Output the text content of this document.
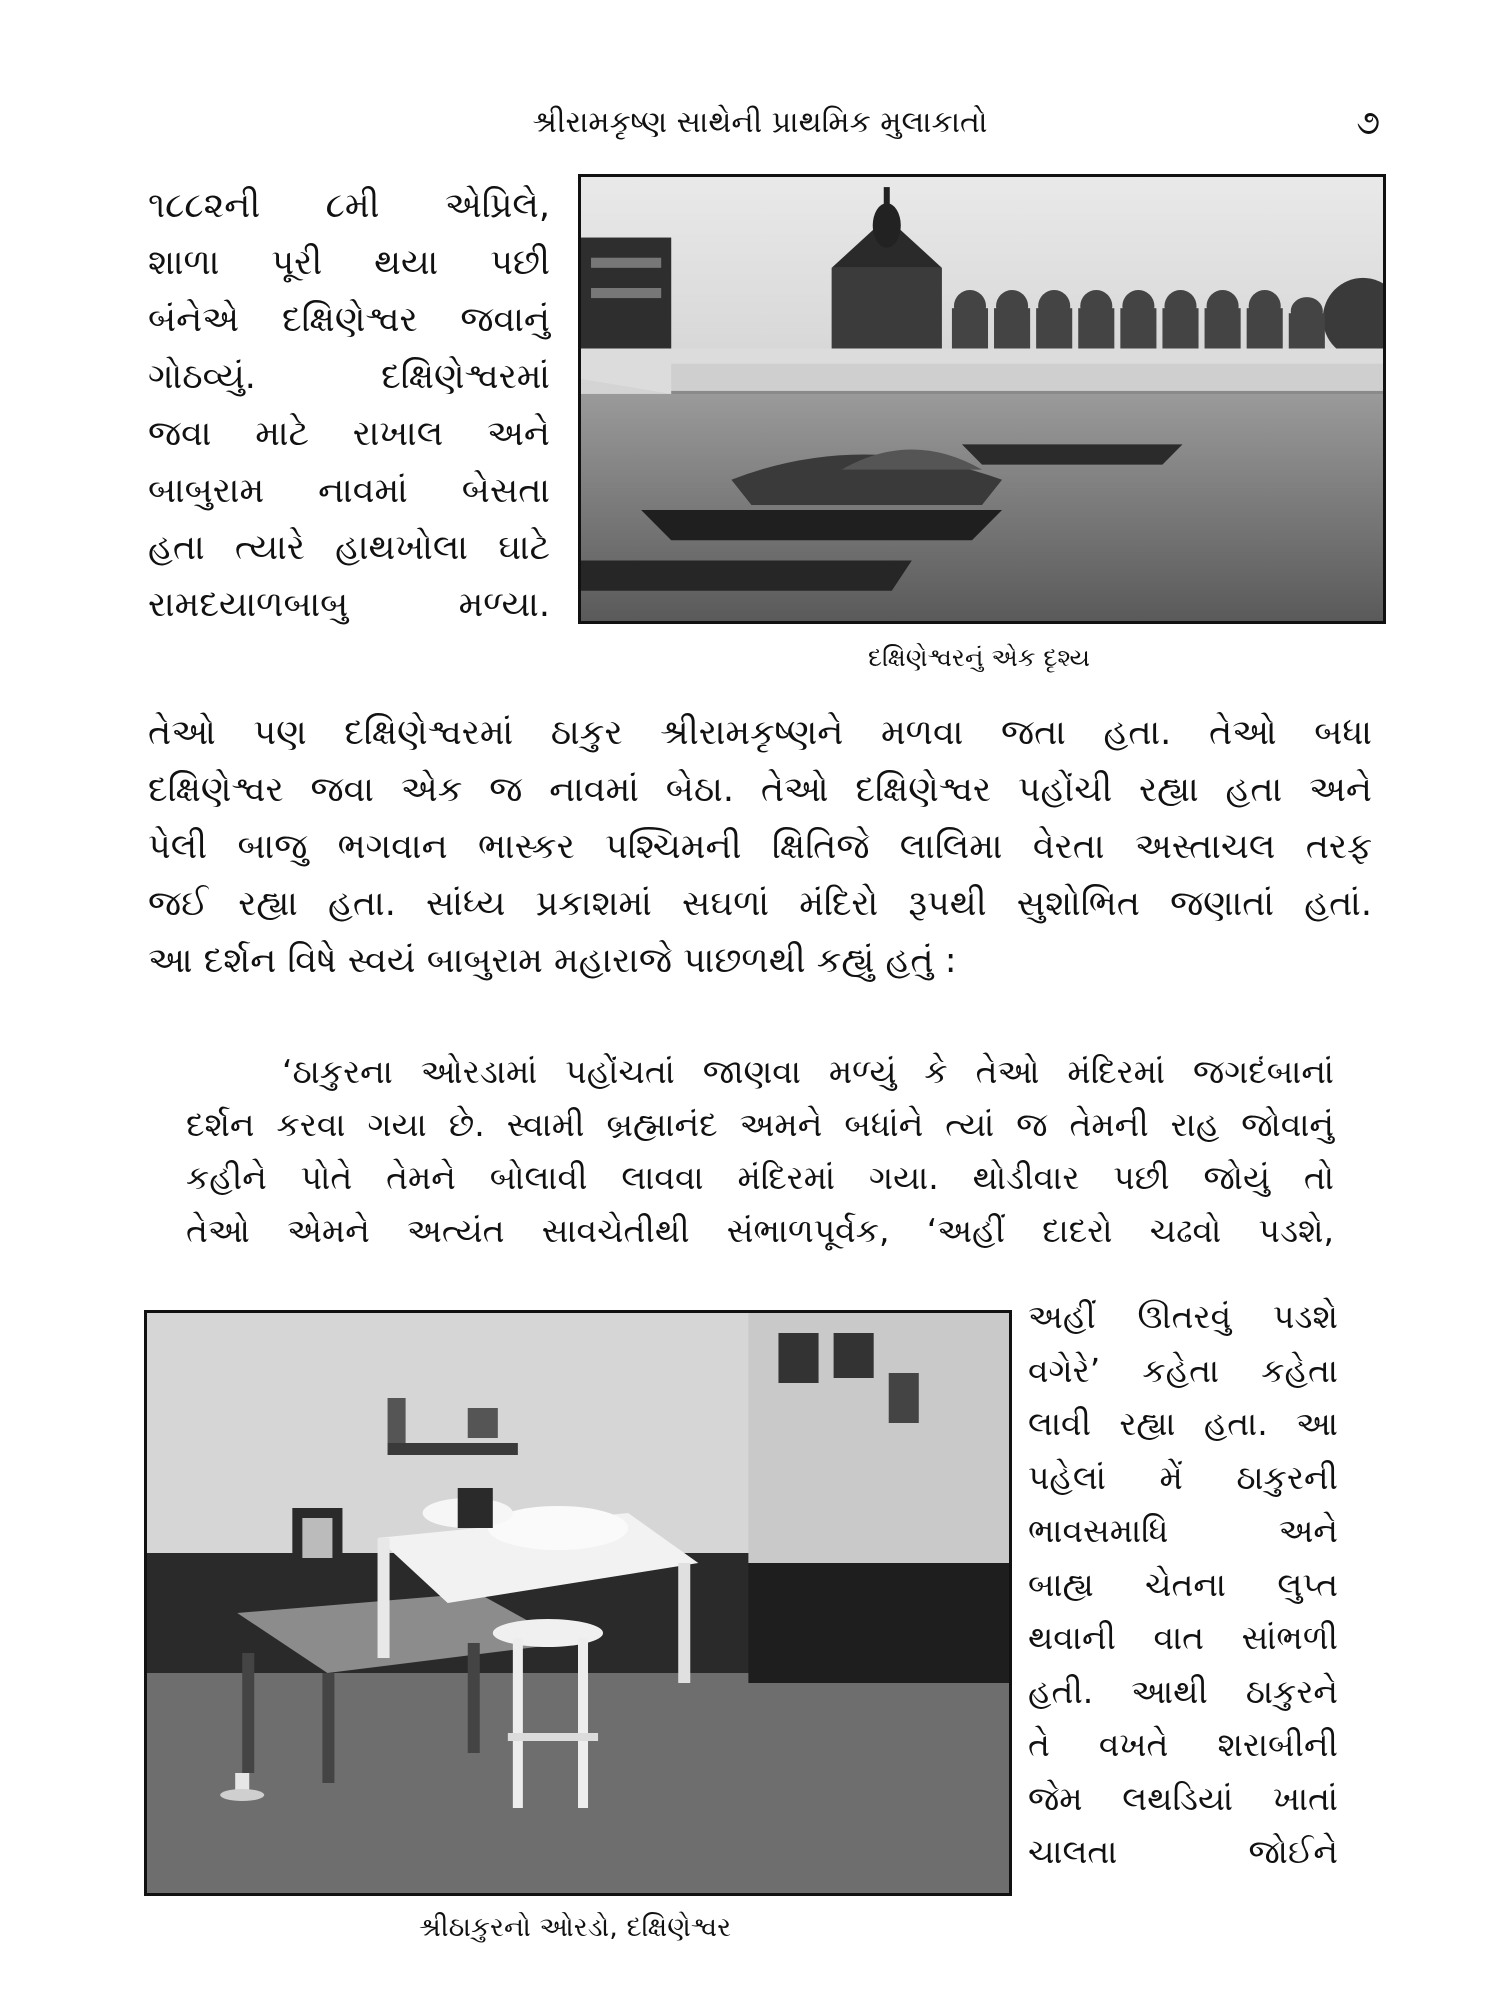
શ્રીરામકૃષ્ણ સાથેની પ્રાથમિક મુલાકાતો	૭

૧૮૮૨ની ૮મી એપ્રિલે,
શાળા પૂરી થયા પછી
બંનેએ દક્ષિણેશ્વર જવાનું
ગોઠવ્યું. દક્ષિણેશ્વરમાં
જવા માટે રાખાલ અને
બાબુરામ નાવમાં બેસતા
હતા ત્યારે હાથખોલા ઘાટે
રામદયાળબાબુ મળ્યા.

દક્ષિણેશ્વરનું એક દૃશ્ય

તેઓ પણ દક્ષિણેશ્વરમાં ઠાકુર શ્રીરામકૃષ્ણને મળવા જતા હતા. તેઓ બધા
દક્ષિણેશ્વર જવા એક જ નાવમાં બેઠા. તેઓ દક્ષિણેશ્વર પહોંચી રહ્યા હતા અને
પેલી બાજુ ભગવાન ભાસ્કર પશ્ચિમની ક્ષિતિજે લાલિમા વેરતા અસ્તાચલ તરફ
જઈ રહ્યા હતા. સાંધ્ય પ્રકાશમાં સઘળાં મંદિરો રૂપથી સુશોભિત જણાતાં હતાં.
આ દર્શન વિષે સ્વયં બાબુરામ મહારાજે પાછળથી કહ્યું હતું :

‘ઠાકુરના ઓરડામાં પહોંચતાં જાણવા મળ્યું કે તેઓ મંદિરમાં જગદંબાનાં
દર્શન કરવા ગયા છે. સ્વામી બ્રહ્માનંદ અમને બધાંને ત્યાં જ તેમની રાહ જોવાનું
કહીને પોતે તેમને બોલાવી લાવવા મંદિરમાં ગયા. થોડીવાર પછી જોયું તો
તેઓ એમને અત્યંત સાવચેતીથી સંભાળપૂર્વક, ‘અહીં દાદરો ચઢવો પડશે,

શ્રીઠાકુરનો ઓરડો, દક્ષિણેશ્વર

અહીં ઊતરવું પડશે
વગેરે’ કહેતા કહેતા
લાવી રહ્યા હતા. આ
પહેલાં મેં ઠાકુરની
ભાવસમાધિ અને
બાહ્ય ચેતના લુપ્ત
થવાની વાત સાંભળી
હતી. આથી ઠાકુરને
તે વખતે શરાબીની
જેમ લથડિયાં ખાતાં
ચાલતા જોઈને
